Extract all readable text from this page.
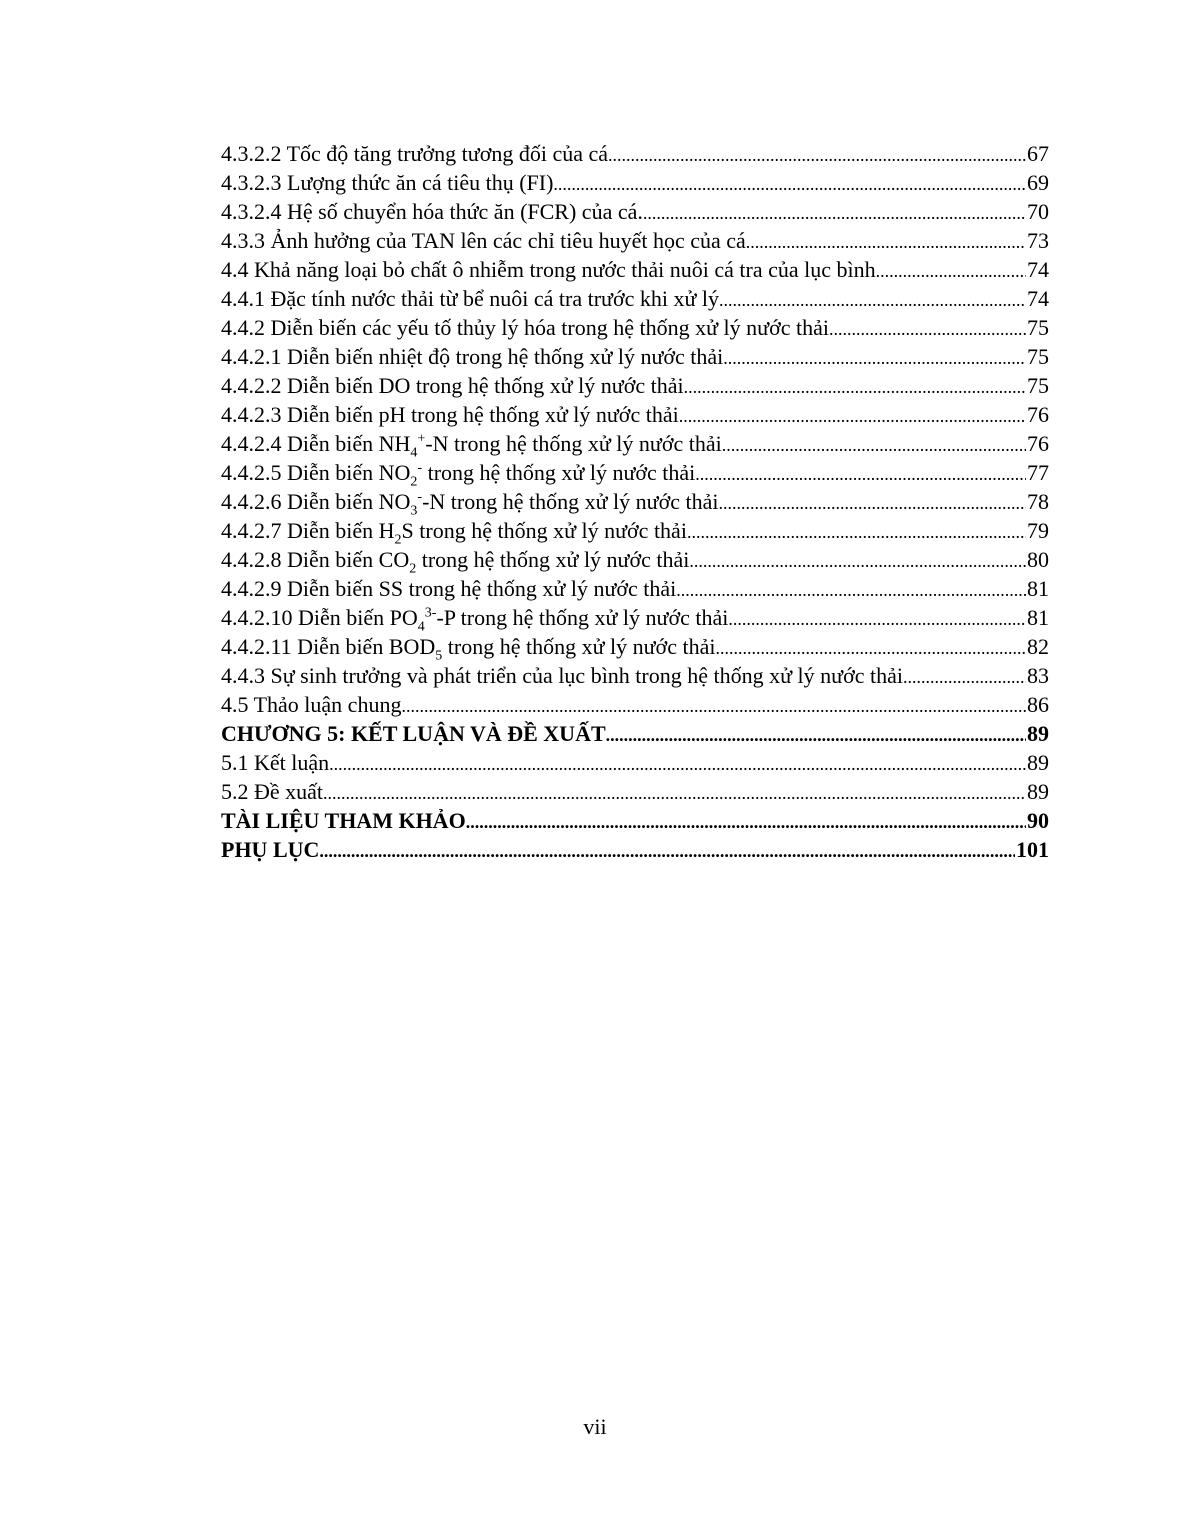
4.3.2.2 Tốc độ tăng trưởng tương đối của cá .....	67
4.3.2.3 Lượng thức ăn cá tiêu thụ (FI) .....	69
4.3.2.4 Hệ số chuyển hóa thức ăn (FCR) của cá. .....	70
4.3.3 Ảnh hưởng của TAN lên các chỉ tiêu huyết học của cá .....	73
4.4 Khả năng loại bỏ chất ô nhiễm trong nước thải nuôi cá tra của lục bình .....	74
4.4.1 Đặc tính nước thải từ bể nuôi cá tra trước khi xử lý .....	74
4.4.2 Diễn biến các yếu tố thủy lý hóa trong hệ thống xử lý nước thải .....	75
4.4.2.1 Diễn biến nhiệt độ trong hệ thống xử lý nước thải .....	75
4.4.2.2 Diễn biến DO trong hệ thống xử lý nước thải .....	75
4.4.2.3 Diễn biến pH trong hệ thống xử lý nước thải .....	76
4.4.2.4 Diễn biến $NH_4^+-N$ trong hệ thống xử lý nước thải .....	76
4.4.2.5 Diễn biến $NO_2^-$ trong hệ thống xử lý nước thải .....	77
4.4.2.6 Diễn biến $NO_3^--N$ trong hệ thống xử lý nước thải .....	78
4.4.2.7 Diễn biến $H_2S$ trong hệ thống xử lý nước thải .....	79
4.4.2.8 Diễn biến $CO_2$ trong hệ thống xử lý nước thải .....	80
4.4.2.9 Diễn biến SS trong hệ thống xử lý nước thải .....	81
4.4.2.10 Diễn biến $PO_4^{3-}-P$ trong hệ thống xử lý nước thải .....	81
4.4.2.11 Diễn biến $BOD_5$ trong hệ thống xử lý nước thải .....	82
4.4.3 Sự sinh trưởng và phát triển của lục bình trong hệ thống xử lý nước thải .....	83
4.5 Thảo luận chung .....	86
CHƯƠNG 5: KẾT LUẬN VÀ ĐỀ XUẤT .....	89
5.1 Kết luận .....	89
5.2 Đề xuất .....	89
TÀI LIỆU THAM KHẢO .....	90
PHỤ LỤC .....	101
vii
